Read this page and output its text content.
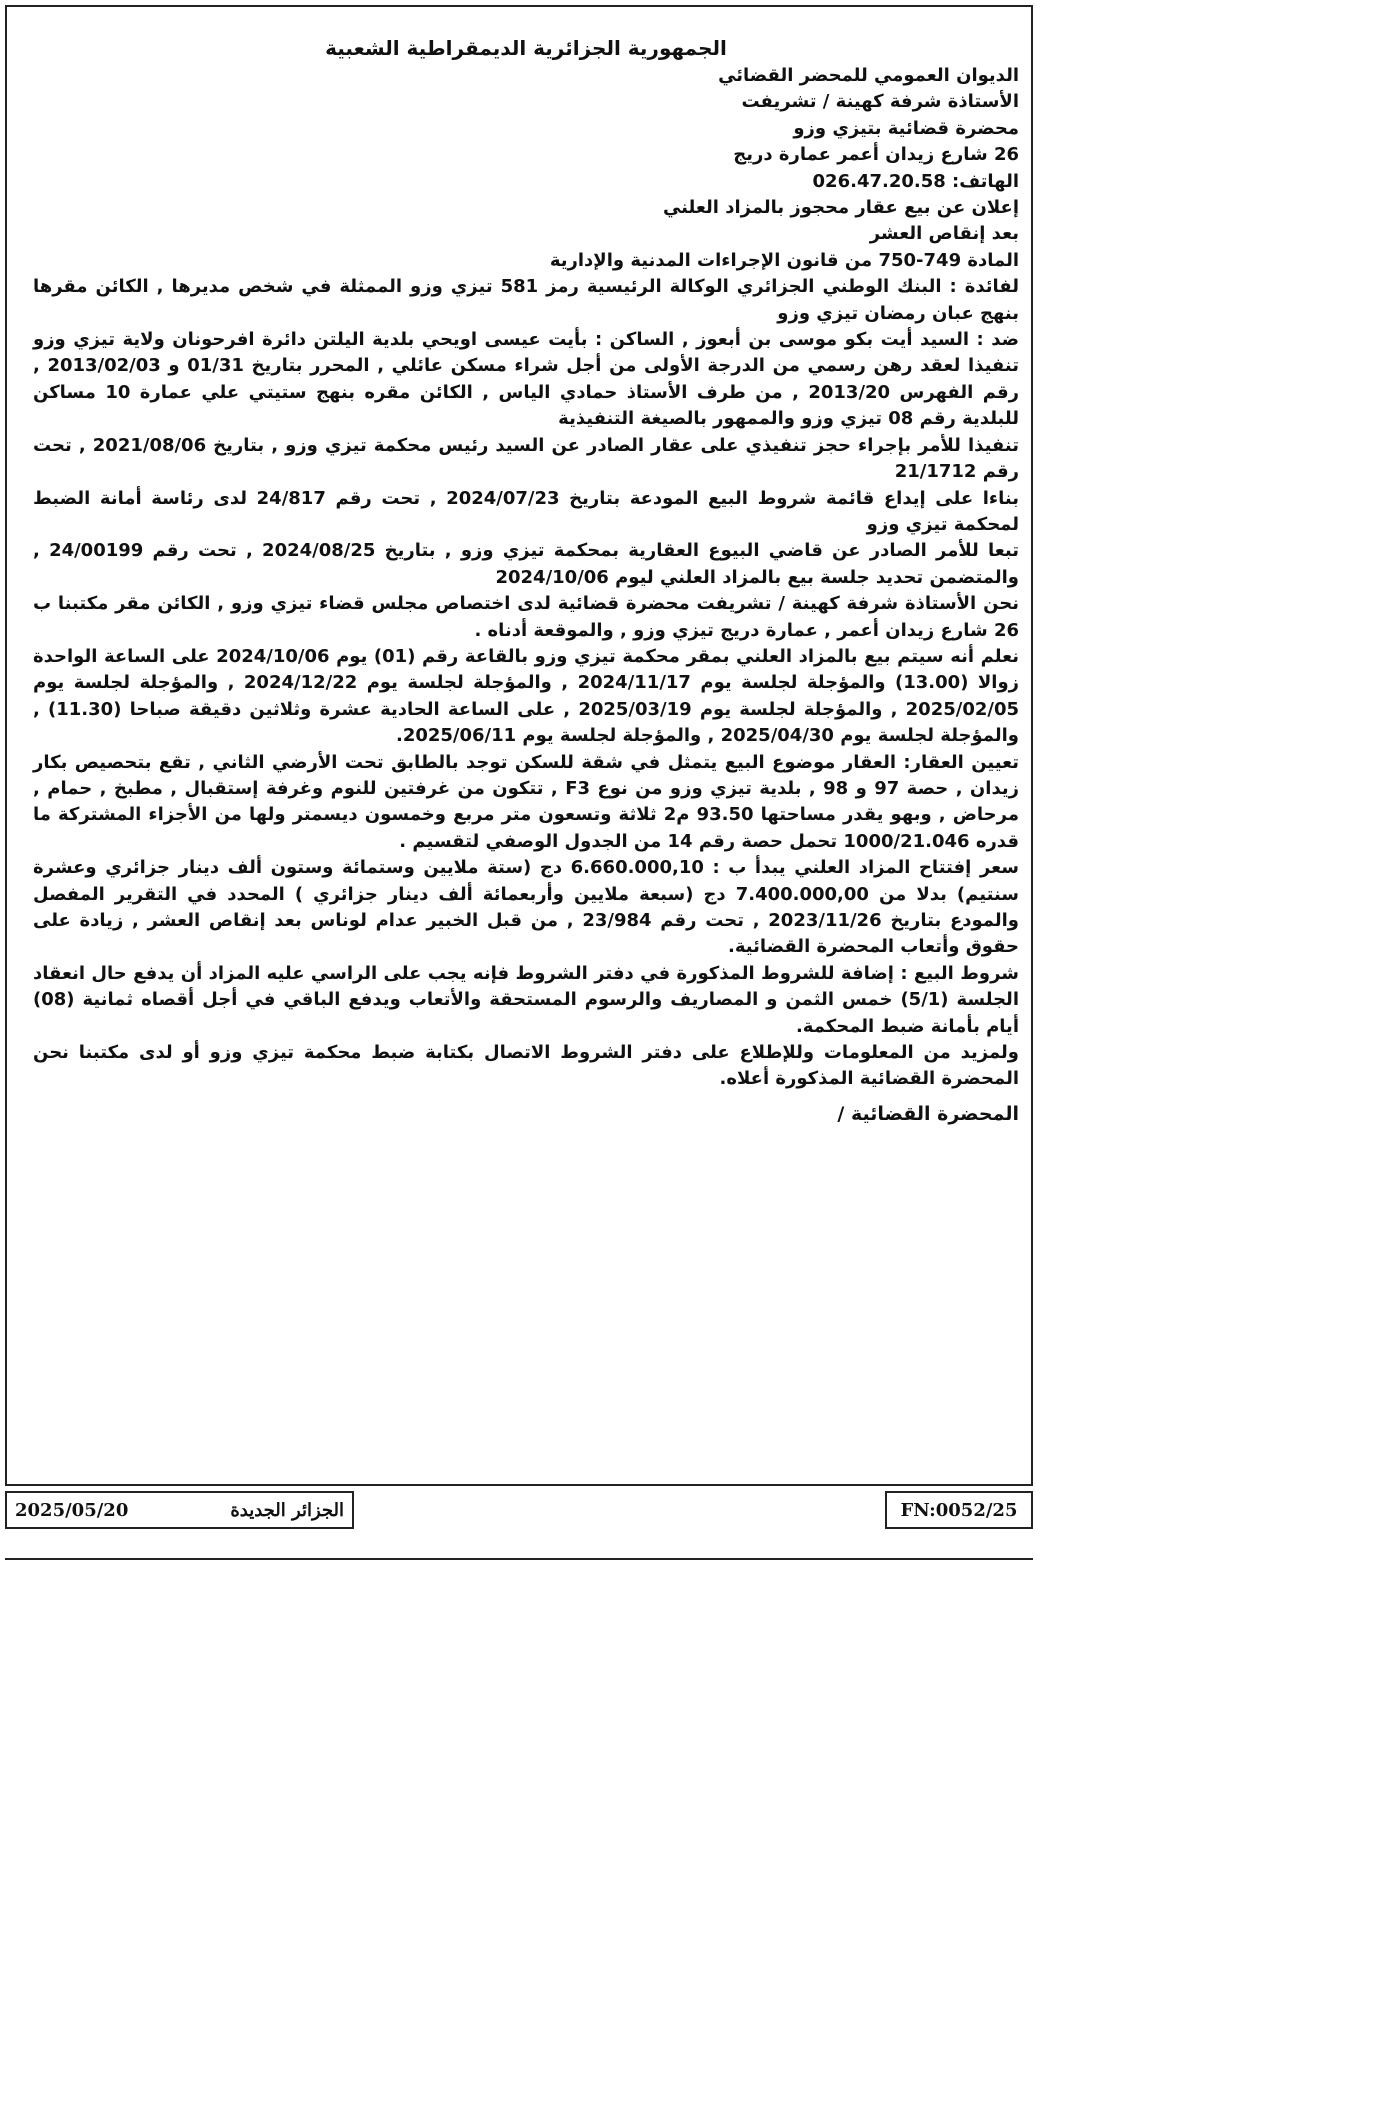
الجمهورية الجزائرية الديمقراطية الشعبية

الديوان العمومي للمحضر القضائي

الأستاذة شرفة كهينة / تشريفت

محضرة قضائية بتيزي وزو

26 شارع زيدان أعمر عمارة دريج

الهاتف: 026.47.20.58

إعلان عن بيع عقار محجوز بالمزاد العلني

بعد إنقاص العشر

المادة 749-750 من قانون الإجراءات المدنية والإدارية

لفائدة : البنك الوطني الجزائري الوكالة الرئيسية رمز 581 تيزي وزو الممثلة في شخص مديرها , الكائن مقرها بنهج عبان رمضان تيزي وزو

ضد : السيد أيت بكو موسى بن أبعوز , الساكن : بأيت عيسى اويحي بلدية اليلتن دائرة افرحونان ولاية تيزي وزو تنفيذا لعقد رهن رسمي من الدرجة الأولى من أجل شراء مسكن عائلي , المحرر بتاريخ 01/31 و 2013/02/03 , رقم الفهرس 2013/20 , من طرف الأستاذ حمادي الياس , الكائن مقره بنهج ستيتي علي عمارة 10 مساكن للبلدية رقم 08 تيزي وزو والممهور بالصيغة التنفيذية

تنفيذا للأمر بإجراء حجز تنفيذي على عقار الصادر عن السيد رئيس محكمة تيزي وزو , بتاريخ 2021/08/06 , تحت رقم 21/1712

بناءا على إيداع قائمة شروط البيع المودعة بتاريخ 2024/07/23 , تحت رقم 24/817 لدى رئاسة أمانة الضبط لمحكمة تيزي وزو

تبعا للأمر الصادر عن قاضي البيوع العقارية بمحكمة تيزي وزو , بتاريخ 2024/08/25 , تحت رقم 24/00199 , والمتضمن تحديد جلسة بيع بالمزاد العلني ليوم 2024/10/06

نحن الأستاذة شرفة كهينة / تشريفت محضرة قضائية لدى اختصاص مجلس قضاء تيزي وزو , الكائن مقر مكتبنا ب 26 شارع زيدان أعمر , عمارة دريج تيزي وزو , والموقعة أدناه .

نعلم أنه سيتم بيع بالمزاد العلني بمقر محكمة تيزي وزو بالقاعة رقم (01) يوم 2024/10/06 على الساعة الواحدة زوالا (13.00) والمؤجلة لجلسة يوم 2024/11/17 , والمؤجلة لجلسة يوم 2024/12/22 , والمؤجلة لجلسة يوم 2025/02/05 , والمؤجلة لجلسة يوم 2025/03/19 , على الساعة الحادية عشرة وثلاثين دقيقة صباحا (11.30) , والمؤجلة لجلسة يوم 2025/04/30 , والمؤجلة لجلسة يوم 2025/06/11.

تعيين العقار: العقار موضوع البيع يتمثل في شقة للسكن توجد بالطابق تحت الأرضي الثاني , تقع بتحصيص بكار زيدان , حصة 97 و 98 , بلدية تيزي وزو من نوع F3 , تتكون من غرفتين للنوم وغرفة إستقبال , مطبخ , حمام , مرحاض , وبهو يقدر مساحتها 93.50 م2 ثلاثة وتسعون متر مربع وخمسون ديسمتر ولها من الأجزاء المشتركة ما قدره 1000/21.046 تحمل حصة رقم 14 من الجدول الوصفي لتقسيم .

سعر إفتتاح المزاد العلني يبدأ ب : 6.660.000,10 دج (ستة ملايين وستمائة وستون ألف دينار جزائري وعشرة سنتيم) بدلا من 7.400.000,00 دج (سبعة ملايين وأربعمائة ألف دينار جزائري ) المحدد في التقرير المفصل والمودع بتاريخ 2023/11/26 , تحت رقم 23/984 , من قبل الخبير عدام لوناس بعد إنقاص العشر , زيادة على حقوق وأتعاب المحضرة القضائية.

شروط البيع : إضافة للشروط المذكورة في دفتر الشروط فإنه يجب على الراسي عليه المزاد أن يدفع حال انعقاد الجلسة (5/1) خمس الثمن و المصاريف والرسوم المستحقة والأتعاب ويدفع الباقي في أجل أقصاه ثمانية (08) أيام بأمانة ضبط المحكمة.

ولمزيد من المعلومات وللإطلاع على دفتر الشروط الاتصال بكتابة ضبط محكمة تيزي وزو أو لدى مكتبنا نحن المحضرة القضائية المذكورة أعلاه.

المحضرة القضائية /

2025/05/20	الجزائر الجديدة	FN:0052/25
